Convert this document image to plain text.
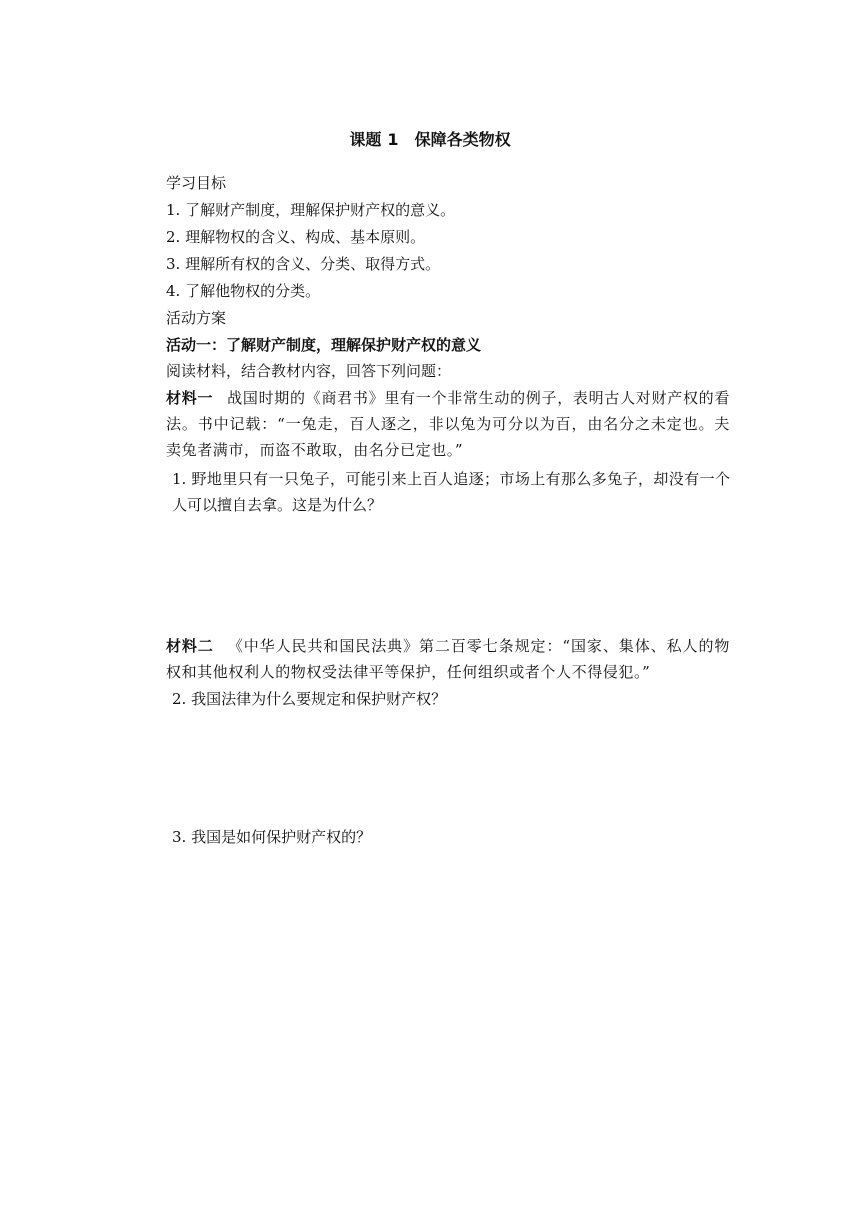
课题 1 保障各类物权
学习目标
1. 了解财产制度，理解保护财产权的意义。
2. 理解物权的含义、构成、基本原则。
3. 理解所有权的含义、分类、取得方式。
4. 了解他物权的分类。
活动方案
活动一：了解财产制度，理解保护财产权的意义
阅读材料，结合教材内容，回答下列问题：
材料一 战国时期的《商君书》里有一个非常生动的例子，表明古人对财产权的看法。书中记载：“一兔走，百人逐之，非以兔为可分以为百，由名分之未定也。夫卖兔者满市，而盗不敢取，由名分已定也。”
1. 野地里只有一只兔子，可能引来上百人追逐；市场上有那么多兔子，却没有一个人可以擅自去拿。这是为什么？
材料二 《中华人民共和国民法典》第二百零七条规定：“国家、集体、私人的物权和其他权利人的物权受法律平等保护，任何组织或者个人不得侵犯。”
2. 我国法律为什么要规定和保护财产权？
3. 我国是如何保护财产权的？
